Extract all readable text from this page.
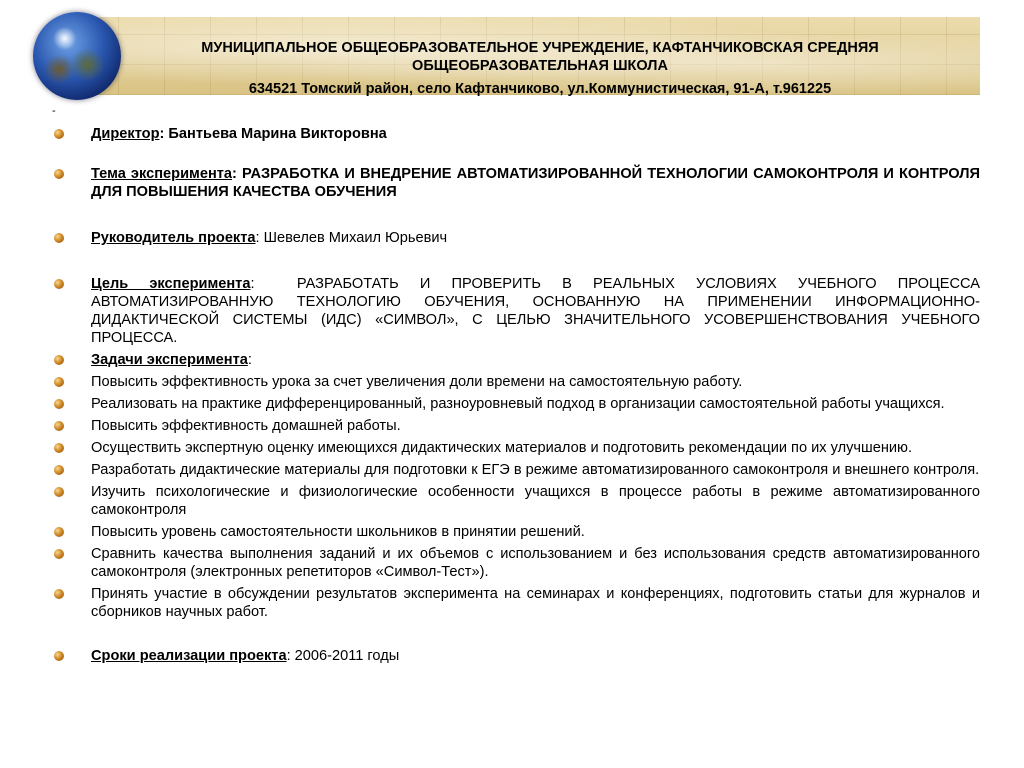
МУНИЦИПАЛЬНОЕ ОБЩЕОБРАЗОВАТЕЛЬНОЕ УЧРЕЖДЕНИЕ, КАФТАНЧИКОВСКАЯ СРЕДНЯЯ ОБЩЕОБРАЗОВАТЕЛЬНАЯ ШКОЛА
634521 Томский район, село Кафтанчиково, ул.Коммунистическая, 91-А, т.961225
-
Директор: Бантьева Марина Викторовна
Тема эксперимента: РАЗРАБОТКА И ВНЕДРЕНИЕ АВТОМАТИЗИРОВАННОЙ ТЕХНОЛОГИИ САМОКОНТРОЛЯ И КОНТРОЛЯ ДЛЯ ПОВЫШЕНИЯ КАЧЕСТВА ОБУЧЕНИЯ
Руководитель проекта: Шевелев Михаил Юрьевич
Цель эксперимента:  РАЗРАБОТАТЬ И ПРОВЕРИТЬ В РЕАЛЬНЫХ УСЛОВИЯХ УЧЕБНОГО ПРОЦЕССА АВТОМАТИЗИРОВАННУЮ ТЕХНОЛОГИЮ ОБУЧЕНИЯ, ОСНОВАННУЮ НА ПРИМЕНЕНИИ ИНФОРМАЦИОННО- ДИДАКТИЧЕСКОЙ СИСТЕМЫ (ИДС) «СИМВОЛ», С ЦЕЛЬЮ ЗНАЧИТЕЛЬНОГО УСОВЕРШЕНСТВОВАНИЯ УЧЕБНОГО ПРОЦЕССА.
Задачи эксперимента:
Повысить эффективность урока за счет увеличения доли времени на самостоятельную работу.
Реализовать на практике дифференцированный, разноуровневый подход в организации самостоятельной работы учащихся.
Повысить эффективность домашней работы.
Осуществить экспертную оценку имеющихся дидактических материалов и подготовить рекомендации по их улучшению.
Разработать дидактические материалы для подготовки к ЕГЭ в режиме автоматизированного самоконтроля и внешнего контроля.
Изучить психологические и физиологические особенности учащихся в процессе работы в режиме автоматизированного самоконтроля
Повысить уровень самостоятельности школьников в принятии решений.
Сравнить качества выполнения заданий и их объемов с использованием и без использования средств автоматизированного самоконтроля (электронных репетиторов «Символ-Тест»).
Принять участие в обсуждении результатов эксперимента на семинарах и конференциях, подготовить статьи для журналов и сборников научных работ.
Сроки реализации проекта: 2006-2011 годы
